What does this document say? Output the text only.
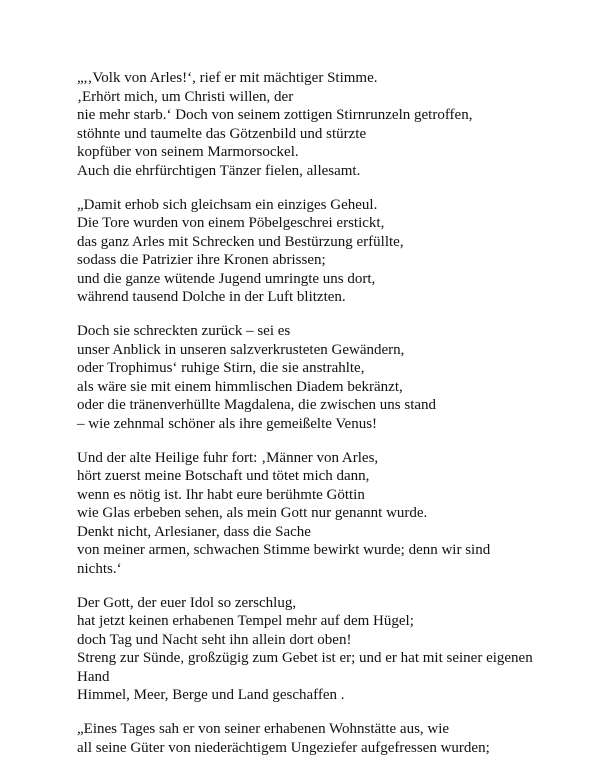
„,‚Volk von Arles!‘, rief er mit mächtiger Stimme.
‚Erhört mich, um Christi willen, der
nie mehr starb.‘ Doch von seinem zottigen Stirnrunzeln getroffen,
stöhnte und taumelte das Götzenbild und stürzte
kopfüber von seinem Marmorsockel.
Auch die ehrfürchtigen Tänzer fielen, allesamt.
„Damit erhob sich gleichsam ein einziges Geheul.
Die Tore wurden von einem Pöbelgeschrei erstickt,
das ganz Arles mit Schrecken und Bestürzung erfüllte,
sodass die Patrizier ihre Kronen abrissen;
und die ganze wütende Jugend umringte uns dort,
während tausend Dolche in der Luft blitzten.
Doch sie schreckten zurück – sei es
unser Anblick in unseren salzverkrusteten Gewändern,
oder Trophimus‘ ruhige Stirn, die sie anstrahlte,
als wäre sie mit einem himmlischen Diadem bekränzt,
oder die tränenverhüllte Magdalena, die zwischen uns stand
– wie zehnmal schöner als ihre gemeißelte Venus!
Und der alte Heilige fuhr fort: ‚Männer von Arles,
hört zuerst meine Botschaft und tötet mich dann,
wenn es nötig ist. Ihr habt eure berühmte Göttin
wie Glas erbeben sehen, als mein Gott nur genannt wurde.
Denkt nicht, Arlesianer, dass die Sache
von meiner armen, schwachen Stimme bewirkt wurde; denn wir sind
nichts.‘
Der Gott, der euer Idol so zerschlug,
hat jetzt keinen erhabenen Tempel mehr auf dem Hügel;
doch Tag und Nacht seht ihn allein dort oben!
Streng zur Sünde, großzügig zum Gebet ist er; und er hat mit seiner eigenen
Hand
Himmel, Meer, Berge und Land geschaffen .
„Eines Tages sah er von seiner erhabenen Wohnstätte aus, wie
all seine Güter von niederächtigem Ungeziefer aufgefressen wurden;
